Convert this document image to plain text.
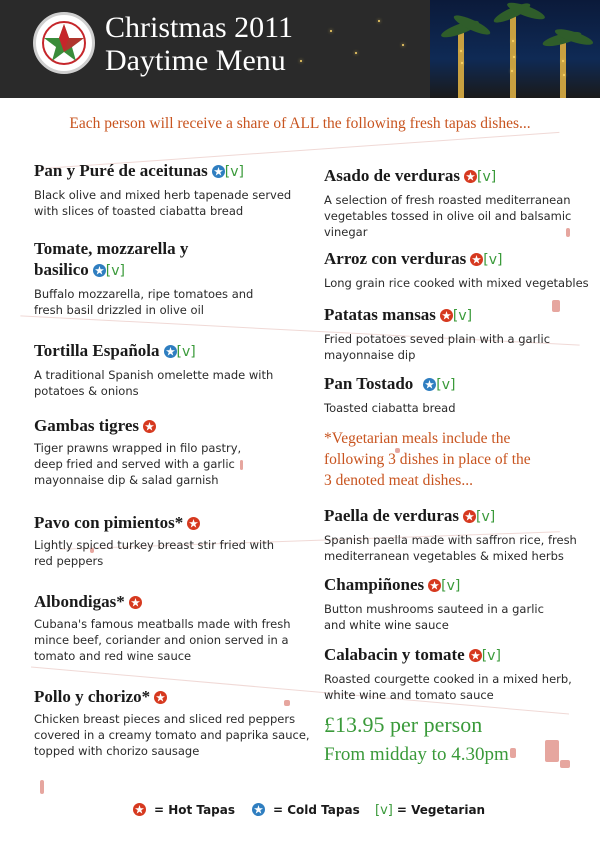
Christmas 2011
Daytime Menu
Each person will receive a share of ALL the following fresh tapas dishes...
Pan y Puré de aceitunas [v]
Black olive and mixed herb tapenade served
with slices of toasted ciabatta bread
Tomate, mozzarella y
basilico [v]
Buffalo mozzarella, ripe tomatoes and
fresh basil drizzled in olive oil
Tortilla Española [v]
A traditional Spanish omelette made with
potatoes & onions
Gambas tigres
Tiger prawns wrapped in filo pastry,
deep fried and served with a garlic
mayonnaise dip & salad garnish
Pavo con pimientos*
Lightly spiced turkey breast stir fried with
red peppers
Albondigas*
Cubana's famous meatballs made with fresh
mince beef, coriander and onion served in a
tomato and red wine sauce
Pollo y chorizo*
Chicken breast pieces and sliced red peppers
covered in a creamy tomato and paprika sauce,
topped with chorizo sausage
Asado de verduras [v]
A selection of fresh roasted mediterranean
vegetables tossed in olive oil and balsamic
vinegar
Arroz con verduras [v]
Long grain rice cooked with mixed vegetables
Patatas mansas [v]
Fried potatoes seved plain with a garlic
mayonnaise dip
Pan Tostado [v]
Toasted ciabatta bread
*Vegetarian meals include the
following 3 dishes in place of the
3 denoted meat dishes...
Paella de verduras [v]
Spanish paella made with saffron rice, fresh
mediterranean vegetables & mixed herbs
Champiñones [v]
Button mushrooms sauteed in a garlic
and white wine sauce
Calabacin y tomate [v]
Roasted courgette cooked in a mixed herb,
white wine and tomato sauce
£13.95 per person
From midday to 4.30pm
= Hot Tapas	= Cold Tapas [v] = Vegetarian
